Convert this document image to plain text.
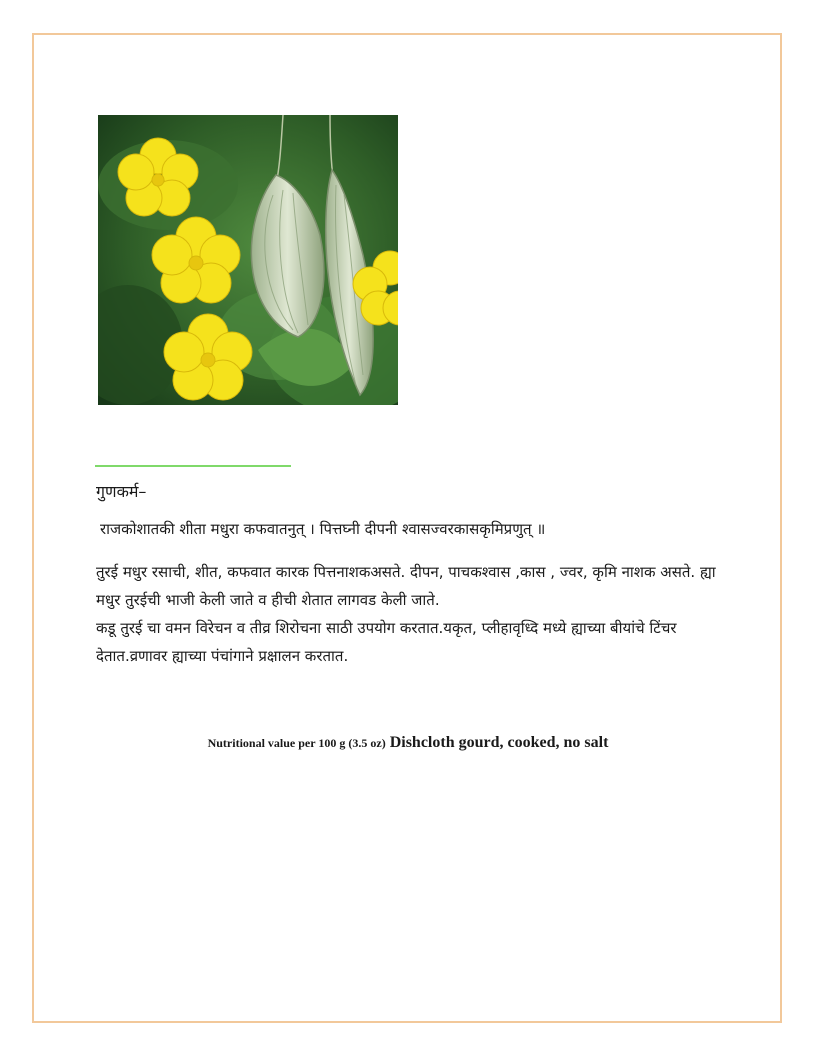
गुणकर्म–
राजकोशातकी शीता मधुरा कफवातनुत् । पित्तघ्नी दीपनी श्वासज्वरकासकृमिप्रणुत् ॥

तुरई मधुर रसाची, शीत, कफवात कारक पित्तनाशकअसते. दीपन, पाचकश्वास ,कास , ज्वर, कृमि नाशक असते. ह्या मधुर तुरईची भाजी केली जाते व हीची शेतात लागवड केली जाते.

कडू तुरई चा वमन विरेचन व तीव्र शिरोचना साठी उपयोग करतात.यकृत, प्लीहावृध्दि मध्ये ह्याच्या बीयांचे टिंचर देतात.व्रणावर ह्याच्या पंचांगाने प्रक्षालन करतात.

Nutritional value per 100 g (3.5 oz) Dishcloth gourd, cooked, no salt
